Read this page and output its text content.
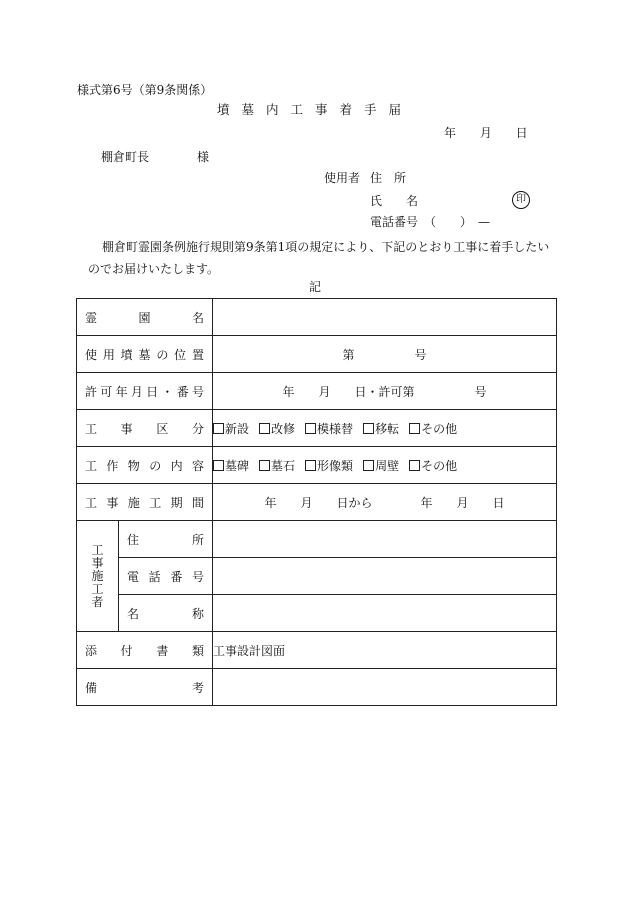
様式第6号（第9条関係）
墳墓内工事着手届
年 月 日
棚倉町長	様
使用者 住　所
氏　　名	印
電話番号　（　　）　—
棚倉町霊園条例施行規則第9条第1項の規定により、下記のとおり工事に着手したいのでお届けいたします。
記
霊園名		

使用墳墓の位置		第　　　　　号

許可年月日・番号		年　　月　　日・許可第　　　　　号

工事区分		新設 改修 模様替 移転 その他

工作物の内容		墓碑 墓石 形像類 周壁 その他

工事施工期間		年　　月　　日から　　　　年　　月　　日
工事施工者	住所	

	電話番号	

	名称	

添付書類		工事設計図面

備考		
